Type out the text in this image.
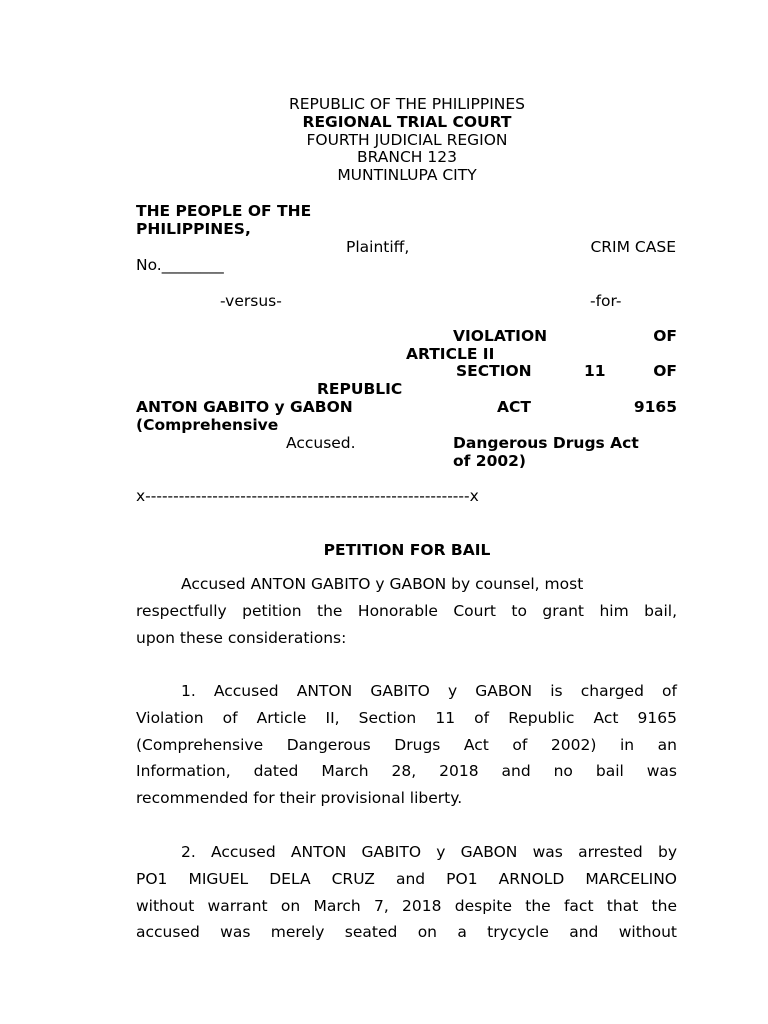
REPUBLIC OF THE PHILIPPINES
REGIONAL TRIAL COURT
FOURTH JUDICIAL REGION
BRANCH 123
MUNTINLUPA CITY
THE PEOPLE OF THE
PHILIPPINES,
Plaintiff,	CRIM CASE
No.________
-versus-	-for-
VIOLATION	OF
ARTICLE II
SECTION	11	OF
REPUBLIC
ANTON GABITO y GABON	ACT	9165
(Comprehensive
Accused.	Dangerous Drugs Act
of 2002)
x----------------------------------------------------------x
PETITION FOR BAIL
Accused ANTON GABITO y GABON by counsel, most
respectfully petition the Honorable Court to grant him bail,
upon these considerations:
1. Accused ANTON GABITO y GABON is charged of
Violation of Article II, Section 11 of Republic Act 9165
(Comprehensive Dangerous Drugs Act of 2002) in an
Information, dated March 28, 2018 and no bail was
recommended for their provisional liberty.
2. Accused ANTON GABITO y GABON was arrested by
PO1 MIGUEL DELA CRUZ and PO1 ARNOLD MARCELINO
without warrant on March 7, 2018 despite the fact that the
accused was merely seated on a trycycle and without
